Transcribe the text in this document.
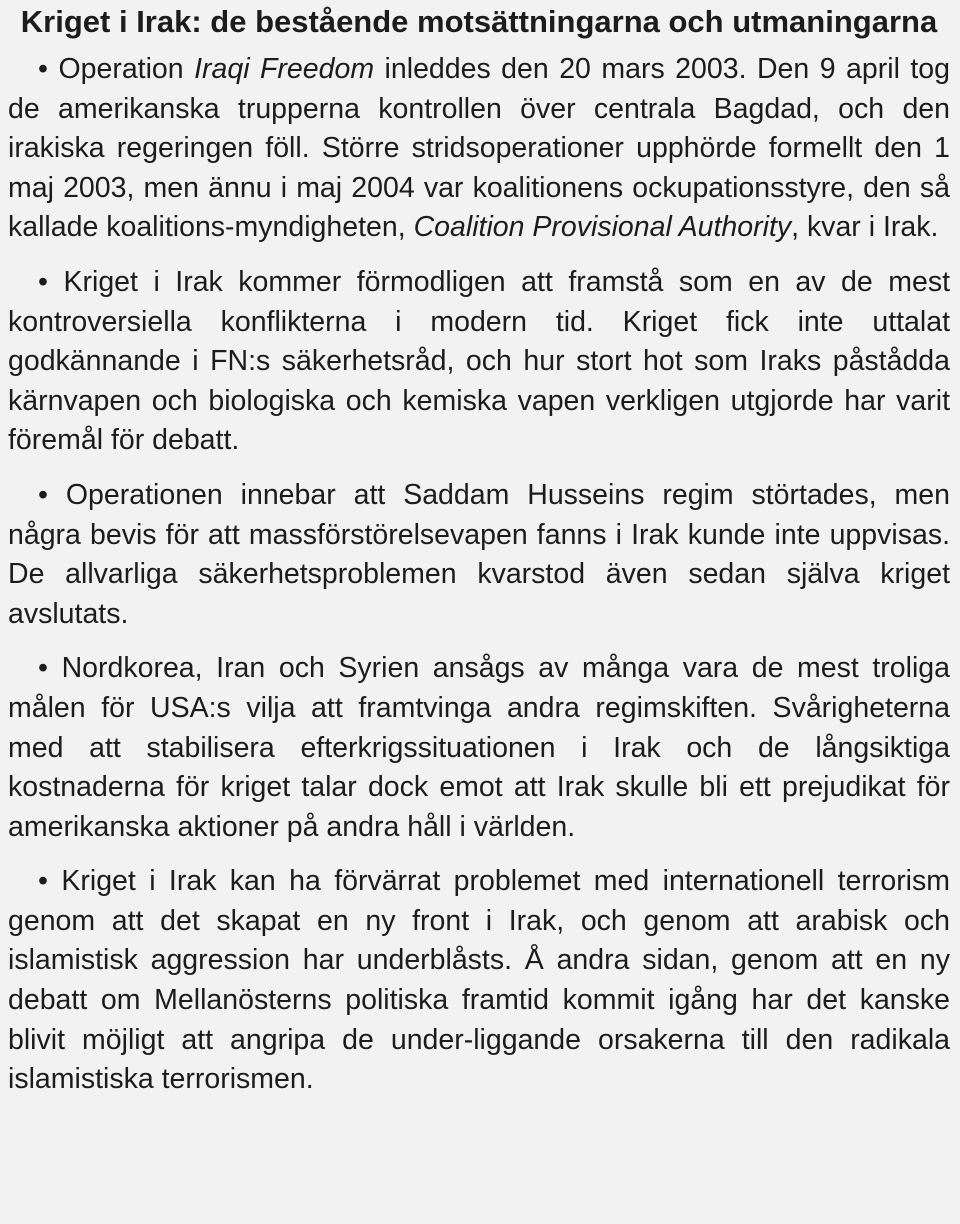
Kriget i Irak: de bestående motsättningarna och utmaningarna

• Operation Iraqi Freedom inleddes den 20 mars 2003. Den 9 april tog de amerikanska trupperna kontrollen över centrala Bagdad, och den irakiska regeringen föll. Större stridsoperationer upphörde formellt den 1 maj 2003, men ännu i maj 2004 var koalitionens ockupationsstyre, den så kallade koalitions-myndigheten, Coalition Provisional Authority, kvar i Irak.

• Kriget i Irak kommer förmodligen att framstå som en av de mest kontroversiella konflikterna i modern tid. Kriget fick inte uttalat godkännande i FN:s säkerhetsråd, och hur stort hot som Iraks påstådda kärnvapen och biologiska och kemiska vapen verkligen utgjorde har varit föremål för debatt.

• Operationen innebar att Saddam Husseins regim störtades, men några bevis för att massförstörelsevapen fanns i Irak kunde inte uppvisas. De allvarliga säkerhetsproblemen kvarstod även sedan själva kriget avslutats.

• Nordkorea, Iran och Syrien ansågs av många vara de mest troliga målen för USA:s vilja att framtvinga andra regimskiften. Svårigheterna med att stabilisera efterkrigssituationen i Irak och de långsiktiga kostnaderna för kriget talar dock emot att Irak skulle bli ett prejudikat för amerikanska aktioner på andra håll i världen.

• Kriget i Irak kan ha förvärrat problemet med internationell terrorism genom att det skapat en ny front i Irak, och genom att arabisk och islamistisk aggression har underblåsts. Å andra sidan, genom att en ny debatt om Mellanösterns politiska framtid kommit igång har det kanske blivit möjligt att angripa de under-liggande orsakerna till den radikala islamistiska terrorismen.
